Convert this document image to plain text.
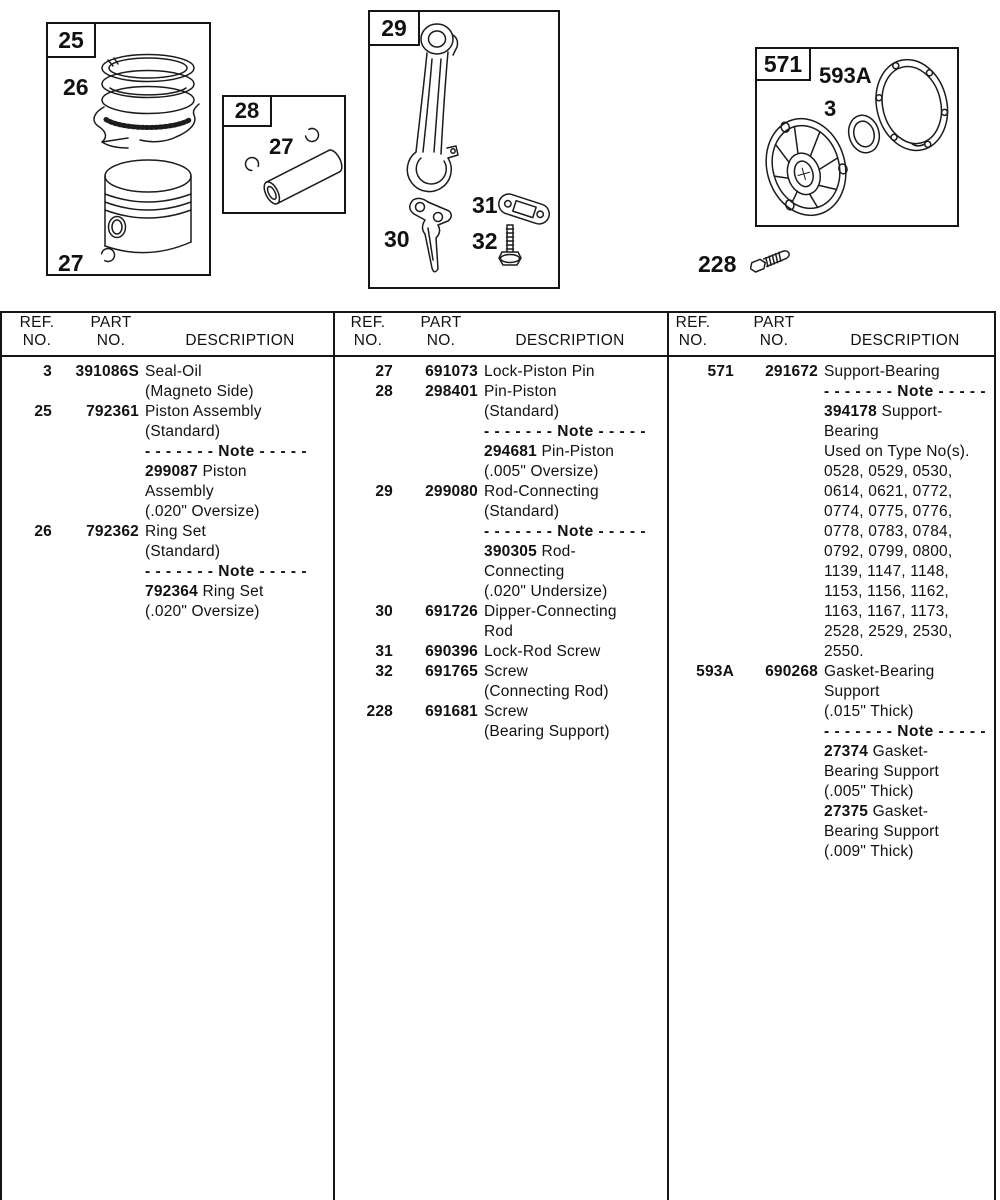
25
26
27
28
27
29
30
31
32
571 593A
3
228
REF.
NO.
PART
NO.	DESCRIPTION
REF.
NO.
PART
NO.	DESCRIPTION
REF.
NO.
PART
NO.	DESCRIPTION
3	391086S Seal-Oil
(Magneto Side)
25	792361 Piston Assembly
(Standard)
- - - - - - - Note - - - - -
299087 Piston
Assembly
(.020" Oversize)
26	792362 Ring Set
(Standard)
- - - - - - - Note - - - - -
792364 Ring Set
(.020" Oversize)
27	691073 Lock-Piston Pin
28	298401 Pin-Piston
(Standard)
- - - - - - - Note - - - - -
294681 Pin-Piston
(.005" Oversize)
29	299080 Rod-Connecting
(Standard)
- - - - - - - Note - - - - -
390305 Rod-
Connecting
(.020" Undersize)
30	691726 Dipper-Connecting
Rod
31	690396 Lock-Rod Screw
32	691765 Screw
(Connecting Rod)
228	691681 Screw
(Bearing Support)
571	291672 Support-Bearing
- - - - - - - Note - - - - -
394178 Support-
Bearing
Used on Type No(s).
0528, 0529, 0530,
0614, 0621, 0772,
0774, 0775, 0776,
0778, 0783, 0784,
0792, 0799, 0800,
1139, 1147, 1148,
1153, 1156, 1162,
1163, 1167, 1173,
2528, 2529, 2530,
2550.
593A	690268 Gasket-Bearing
Support
(.015" Thick)
- - - - - - - Note - - - - -
27374 Gasket-
Bearing Support
(.005" Thick)
27375 Gasket-
Bearing Support
(.009" Thick)
